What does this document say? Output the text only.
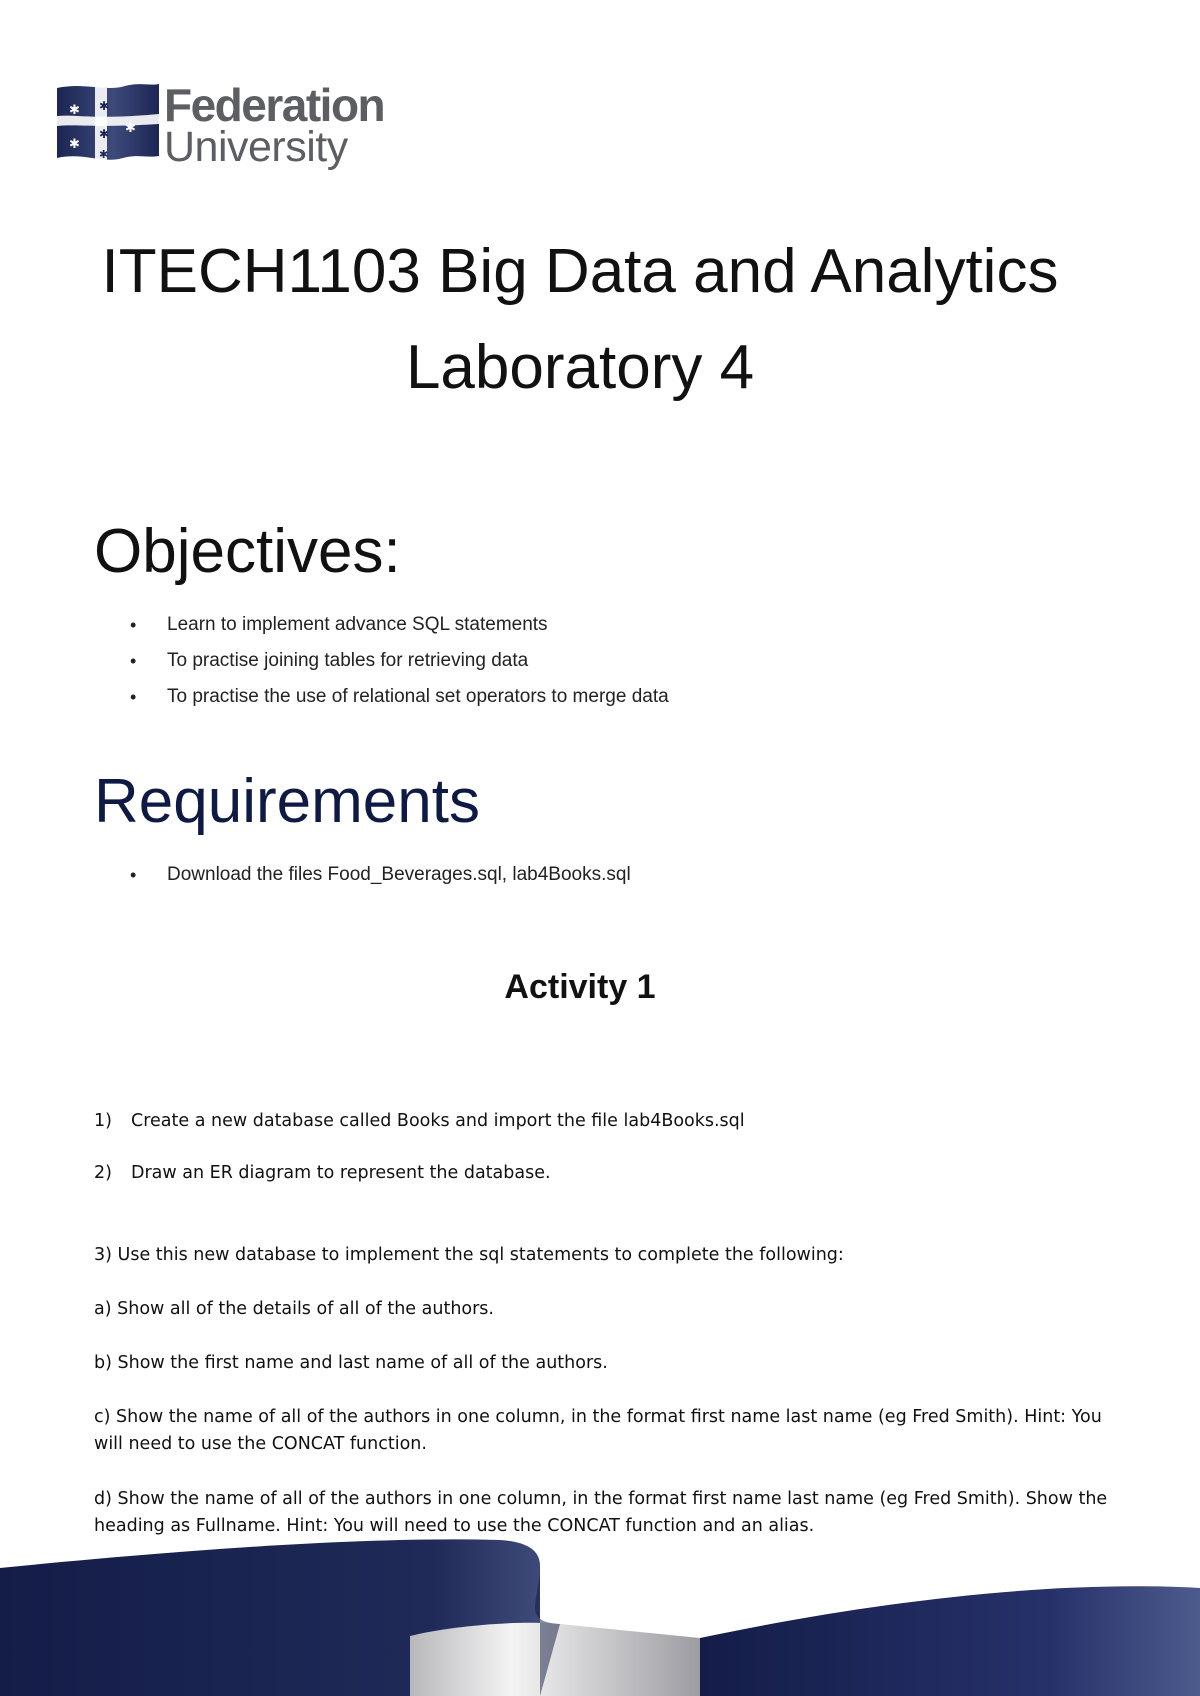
✱ ✱
✱ ✱
✱
✱
Federation
University
ITECH1103 Big Data and Analytics
Laboratory 4
Objectives:
• Learn to implement advance SQL statements
• To practise joining tables for retrieving data
• To practise the use of relational set operators to merge data
Requirements
• Download the files Food_Beverages.sql, lab4Books.sql
Activity 1

1) Create a new database called Books and import the file lab4Books.sql

2) Draw an ER diagram to represent the database.

3) Use this new database to implement the sql statements to complete the following:

a) Show all of the details of all of the authors.

b) Show the first name and last name of all of the authors.

c) Show the name of all of the authors in one column, in the format first name last name (eg Fred Smith). Hint: You will need to use the CONCAT function.

d) Show the name of all of the authors in one column, in the format first name last name (eg Fred Smith). Show the heading as Fullname. Hint: You will need to use the CONCAT function and an alias.
